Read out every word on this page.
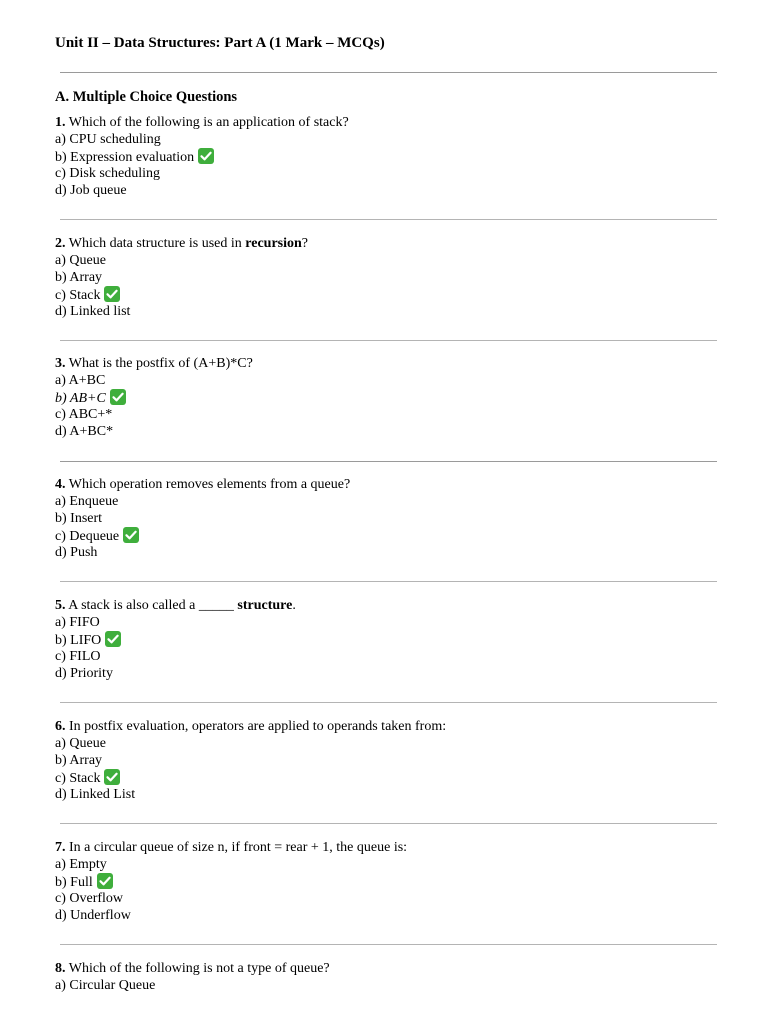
Unit II – Data Structures: Part A (1 Mark – MCQs)
A. Multiple Choice Questions
1. Which of the following is an application of stack?
a) CPU scheduling
b) Expression evaluation
c) Disk scheduling
d) Job queue
2. Which data structure is used in recursion?
a) Queue
b) Array
c) Stack
d) Linked list
3. What is the postfix of (A+B)*C?
a) A+BC
b) AB+C
c) ABC+*
d) A+BC*
4. Which operation removes elements from a queue?
a) Enqueue
b) Insert
c) Dequeue
d) Push
5. A stack is also called a _____ structure.
a) FIFO
b) LIFO
c) FILO
d) Priority
6. In postfix evaluation, operators are applied to operands taken from:
a) Queue
b) Array
c) Stack
d) Linked List
7. In a circular queue of size n, if front = rear + 1, the queue is:
a) Empty
b) Full
c) Overflow
d) Underflow
8. Which of the following is not a type of queue?
a) Circular Queue
